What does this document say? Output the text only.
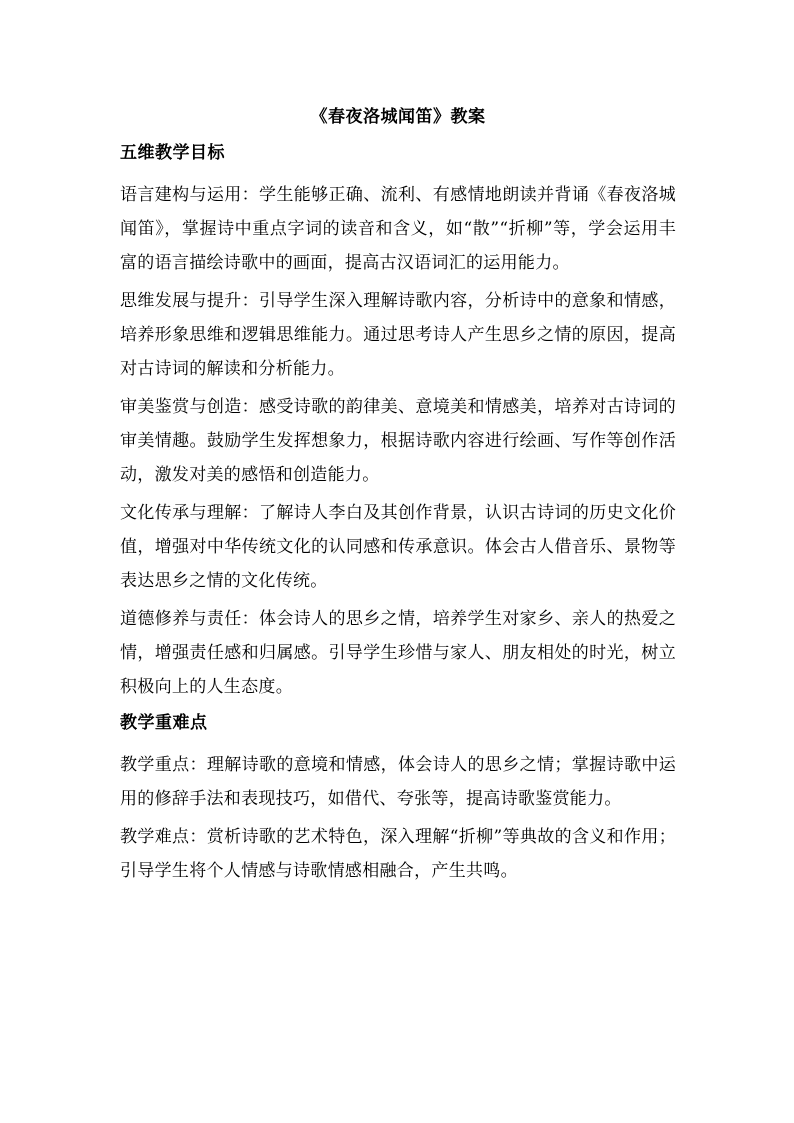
《春夜洛城闻笛》教案
五维教学目标

语言建构与运用：学生能够正确、流利、有感情地朗读并背诵《春夜洛城闻笛》，掌握诗中重点字词的读音和含义，如“散”“折柳”等，学会运用丰富的语言描绘诗歌中的画面，提高古汉语词汇的运用能力。

思维发展与提升：引导学生深入理解诗歌内容，分析诗中的意象和情感，培养形象思维和逻辑思维能力。通过思考诗人产生思乡之情的原因，提高对古诗词的解读和分析能力。

审美鉴赏与创造：感受诗歌的韵律美、意境美和情感美，培养对古诗词的审美情趣。鼓励学生发挥想象力，根据诗歌内容进行绘画、写作等创作活动，激发对美的感悟和创造能力。

文化传承与理解：了解诗人李白及其创作背景，认识古诗词的历史文化价值，增强对中华传统文化的认同感和传承意识。体会古人借音乐、景物等表达思乡之情的文化传统。

道德修养与责任：体会诗人的思乡之情，培养学生对家乡、亲人的热爱之情，增强责任感和归属感。引导学生珍惜与家人、朋友相处的时光，树立积极向上的人生态度。

教学重难点

教学重点：理解诗歌的意境和情感，体会诗人的思乡之情；掌握诗歌中运用的修辞手法和表现技巧，如借代、夸张等，提高诗歌鉴赏能力。

教学难点：赏析诗歌的艺术特色，深入理解“折柳”等典故的含义和作用；引导学生将个人情感与诗歌情感相融合，产生共鸣。
